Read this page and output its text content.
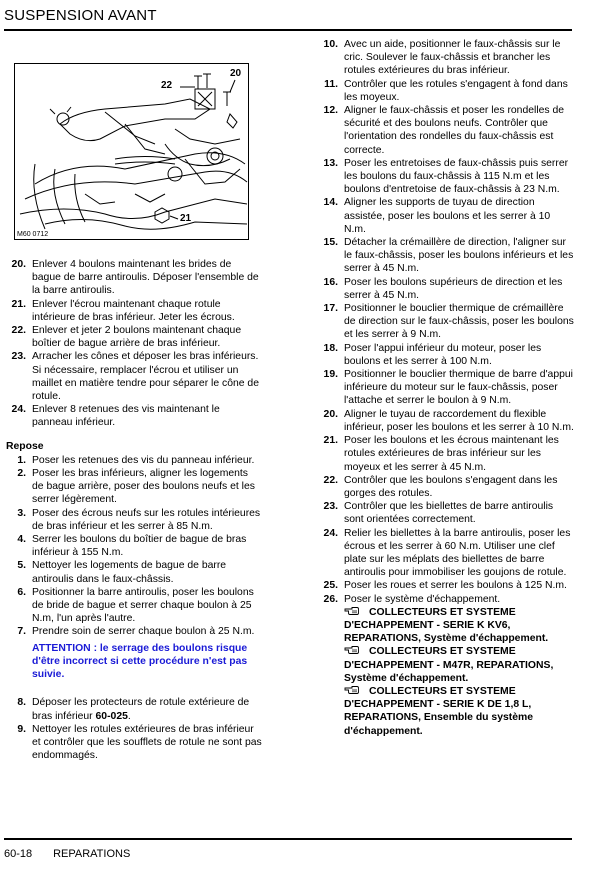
SUSPENSION AVANT
20
22
21
M60 0712
20. Enlever 4 boulons maintenant les brides de bague de barre antiroulis. Déposer l'ensemble de la barre antiroulis.
21. Enlever l'écrou maintenant chaque rotule intérieure de bras inférieur. Jeter les écrous.
22. Enlever et jeter 2 boulons maintenant chaque boîtier de bague arrière de bras inférieur.
23. Arracher les cônes et déposer les bras inférieurs. Si nécessaire, remplacer l'écrou et utiliser un maillet en matière tendre pour séparer le cône de rotule.
24. Enlever 8 retenues des vis maintenant le panneau inférieur.
Repose
1. Poser les retenues des vis du panneau inférieur.
2. Poser les bras inférieurs, aligner les logements de bague arrière, poser des boulons neufs et les serrer légèrement.
3. Poser des écrous neufs sur les rotules intérieures de bras inférieur et les serrer à 85 N.m.
4. Serrer les boulons du boîtier de bague de bras inférieur à 155 N.m.
5. Nettoyer les logements de bague de barre antiroulis dans le faux-châssis.
6. Positionner la barre antiroulis, poser les boulons de bride de bague et serrer chaque boulon à 25 N.m, l'un après l'autre.
7. Prendre soin de serrer chaque boulon à 25 N.m.
ATTENTION : le serrage des boulons risque d'être incorrect si cette procédure n'est pas suivie.
8. Déposer les protecteurs de rotule extérieure de bras inférieur 60-025.
9. Nettoyer les rotules extérieures de bras inférieur et contrôler que les soufflets de rotule ne sont pas endommagés.
10. Avec un aide, positionner le faux-châssis sur le cric. Soulever le faux-châssis et brancher les rotules extérieures du bras inférieur.
11. Contrôler que les rotules s'engagent à fond dans les moyeux.
12. Aligner le faux-châssis et poser les rondelles de sécurité et des boulons neufs. Contrôler que l'orientation des rondelles du faux-châssis est correcte.
13. Poser les entretoises de faux-châssis puis serrer les boulons du faux-châssis à 115 N.m et les boulons d'entretoise de faux-châssis à 23 N.m.
14. Aligner les supports de tuyau de direction assistée, poser les boulons et les serrer à 10 N.m.
15. Détacher la crémaillère de direction, l'aligner sur le faux-châssis, poser les boulons inférieurs et les serrer à 45 N.m.
16. Poser les boulons supérieurs de direction et les serrer à 45 N.m.
17. Positionner le bouclier thermique de crémaillère de direction sur le faux-châssis, poser les boulons et les serrer à 9 N.m.
18. Poser l'appui inférieur du moteur, poser les boulons et les serrer à 100 N.m.
19. Positionner le bouclier thermique de barre d'appui inférieure du moteur sur le faux-châssis, poser l'attache et serrer le boulon à 9 N.m.
20. Aligner le tuyau de raccordement du flexible inférieur, poser les boulons et les serrer à 10 N.m.
21. Poser les boulons et les écrous maintenant les rotules extérieures de bras inférieur sur les moyeux et les serrer à 45 N.m.
22. Contrôler que les boulons s'engagent dans les gorges des rotules.
23. Contrôler que les biellettes de barre antiroulis sont orientées correctement.
24. Relier les biellettes à la barre antiroulis, poser les écrous et les serrer à 60 N.m. Utiliser une clef plate sur les méplats des biellettes de barre antiroulis pour immobiliser les goujons de rotule.
25. Poser les roues et serrer les boulons à 125 N.m.
26. Poser le système d'échappement.
COLLECTEURS ET SYSTEME D'ECHAPPEMENT - SERIE K KV6, REPARATIONS, Système d'échappement.
COLLECTEURS ET SYSTEME D'ECHAPPEMENT - M47R, REPARATIONS, Système d'échappement.
COLLECTEURS ET SYSTEME D'ECHAPPEMENT - SERIE K DE 1,8 L, REPARATIONS, Ensemble du système d'échappement.
60-18 REPARATIONS
